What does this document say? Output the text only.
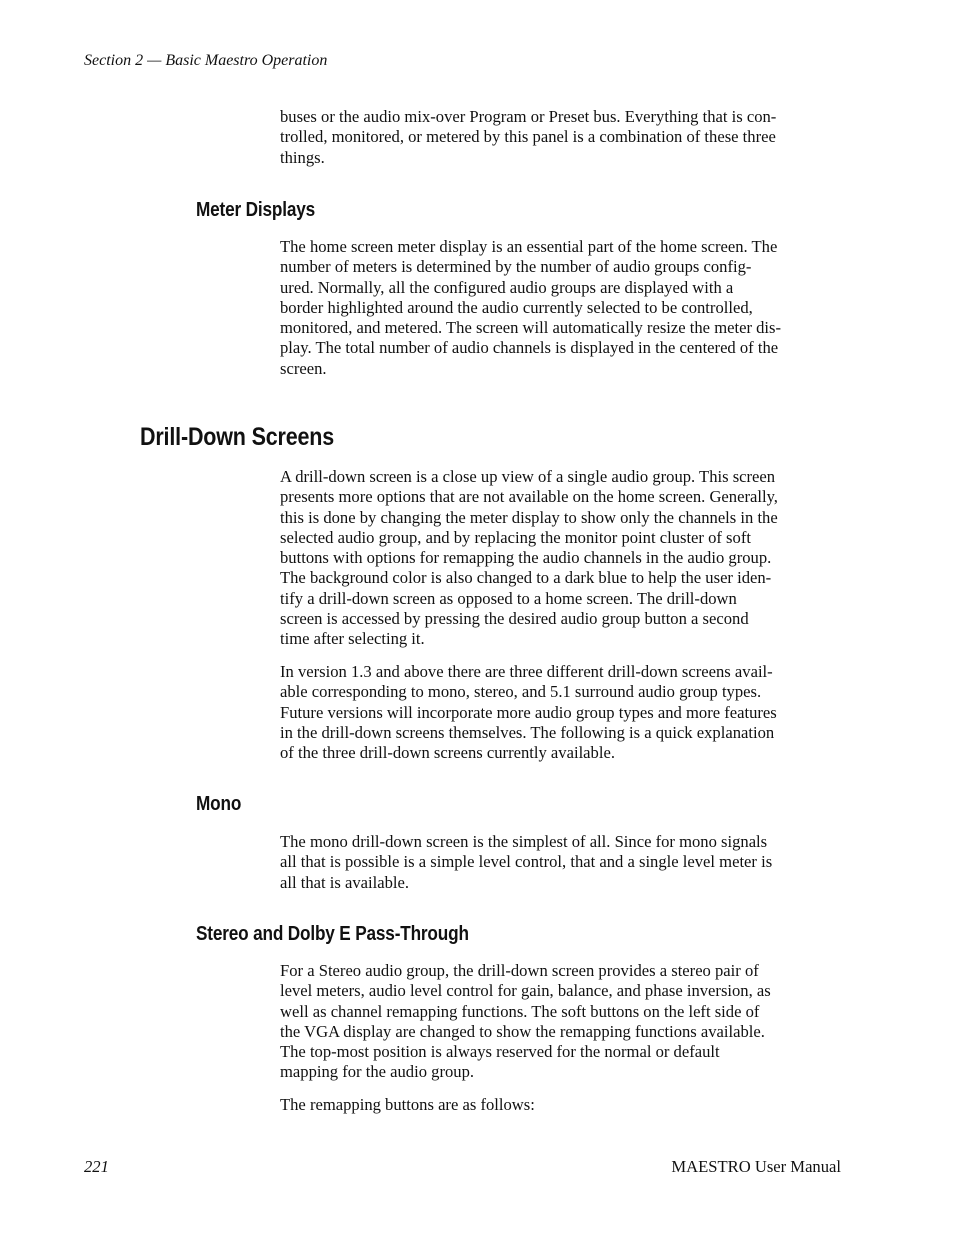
Section 2 — Basic Maestro Operation

buses or the audio mix-over Program or Preset bus. Everything that is con-
trolled, monitored, or metered by this panel is a combination of these three
things.

Meter Displays

The home screen meter display is an essential part of the home screen. The
number of meters is determined by the number of audio groups config-
ured. Normally, all the configured audio groups are displayed with a
border highlighted around the audio currently selected to be controlled,
monitored, and metered. The screen will automatically resize the meter dis-
play. The total number of audio channels is displayed in the centered of the
screen.

Drill-Down Screens

A drill-down screen is a close up view of a single audio group. This screen
presents more options that are not available on the home screen. Generally,
this is done by changing the meter display to show only the channels in the
selected audio group, and by replacing the monitor point cluster of soft
buttons with options for remapping the audio channels in the audio group.
The background color is also changed to a dark blue to help the user iden-
tify a drill-down screen as opposed to a home screen. The drill-down
screen is accessed by pressing the desired audio group button a second
time after selecting it.

In version 1.3 and above there are three different drill-down screens avail-
able corresponding to mono, stereo, and 5.1 surround audio group types.
Future versions will incorporate more audio group types and more features
in the drill-down screens themselves. The following is a quick explanation
of the three drill-down screens currently available.

Mono

The mono drill-down screen is the simplest of all. Since for mono signals
all that is possible is a simple level control, that and a single level meter is
all that is available.

Stereo and Dolby E Pass-Through

For a Stereo audio group, the drill-down screen provides a stereo pair of
level meters, audio level control for gain, balance, and phase inversion, as
well as channel remapping functions. The soft buttons on the left side of
the VGA display are changed to show the remapping functions available.
The top-most position is always reserved for the normal or default
mapping for the audio group.

The remapping buttons are as follows:

221	MAESTRO User Manual
